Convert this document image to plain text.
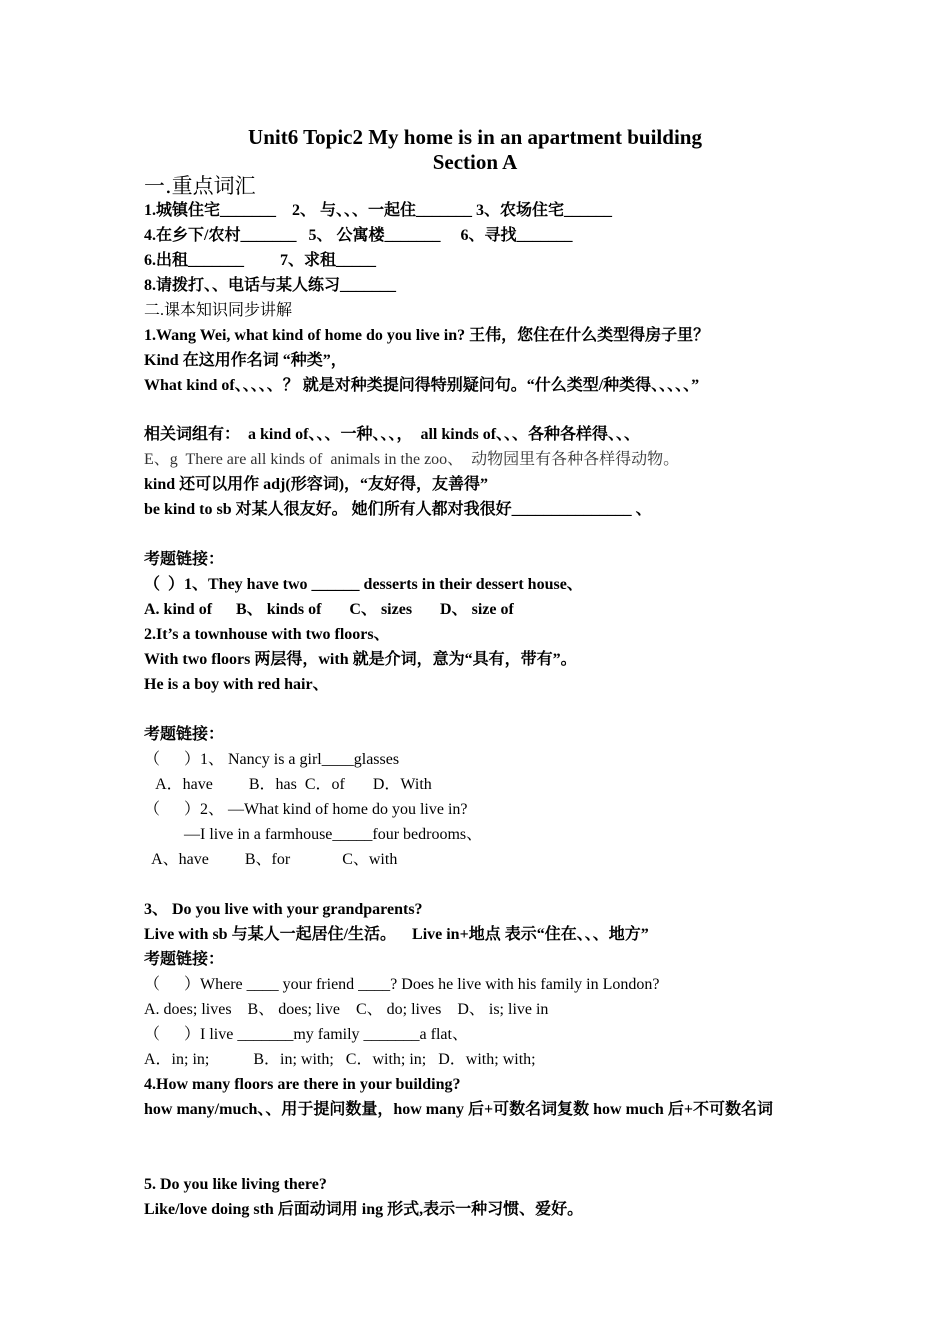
Unit6 Topic2 My home is in an apartment building
Section A
一.重点词汇
1.城镇住宅_______    2、 与、、、一起住_______ 3、农场住宅______
4.在乡下/农村_______   5、 公寓楼_______     6、寻找_______
6.出租_______         7、求租_____
8.请拨打、、电话与某人练习_______
二.课本知识同步讲解
1.Wang Wei, what kind of home do you live in? 王伟，您住在什么类型得房子里？
Kind 在这用作名词 “种类”，
What kind of、、、、、？ 就是对种类提问得特别疑问句。“什么类型/种类得、、、、、”
相关词组有：  a kind of、、、一种、、、，  all kinds of、、、各种各样得、、、
E、g  There are all kinds of  animals in the zoo、  动物园里有各种各样得动物。
kind 还可以用作 adj(形容词)，“友好得，友善得”
be kind to sb 对某人很友好。 她们所有人都对我很好_______________ 、
考题链接：
（  ）1、They have two ______ desserts in their dessert house、
A. kind of      B、 kinds of       C、 sizes       D、 size of
2.It’s a townhouse with two floors、
With two floors 两层得，with 就是介词，意为“具有，带有”。
He is a boy with red hair、
考题链接：
（      ）1、 Nancy is a girl____glasses
A．have         B．has  C．of       D．With
（      ）2、 —What kind of home do you live in?
—I live in a farmhouse_____four bedrooms、
A、have         B、for             C、with
3、 Do you live with your grandparents?
Live with sb 与某人一起居住/生活。    Live in+地点 表示“住在、、、地方”
考题链接：
（      ）Where ____ your friend ____? Does he live with his family in London?
A. does; lives    B、 does; live    C、 do; lives    D、 is; live in
（      ）I live _______my family _______a flat、
A．in; in;           B．in; with;   C．with; in;   D．with; with;
4.How many floors are there in your building?
how many/much、、用于提问数量，how many 后+可数名词复数 how much 后+不可数名词
5. Do you like living there?
Like/love doing sth 后面动词用 ing 形式,表示一种习惯、爱好。
